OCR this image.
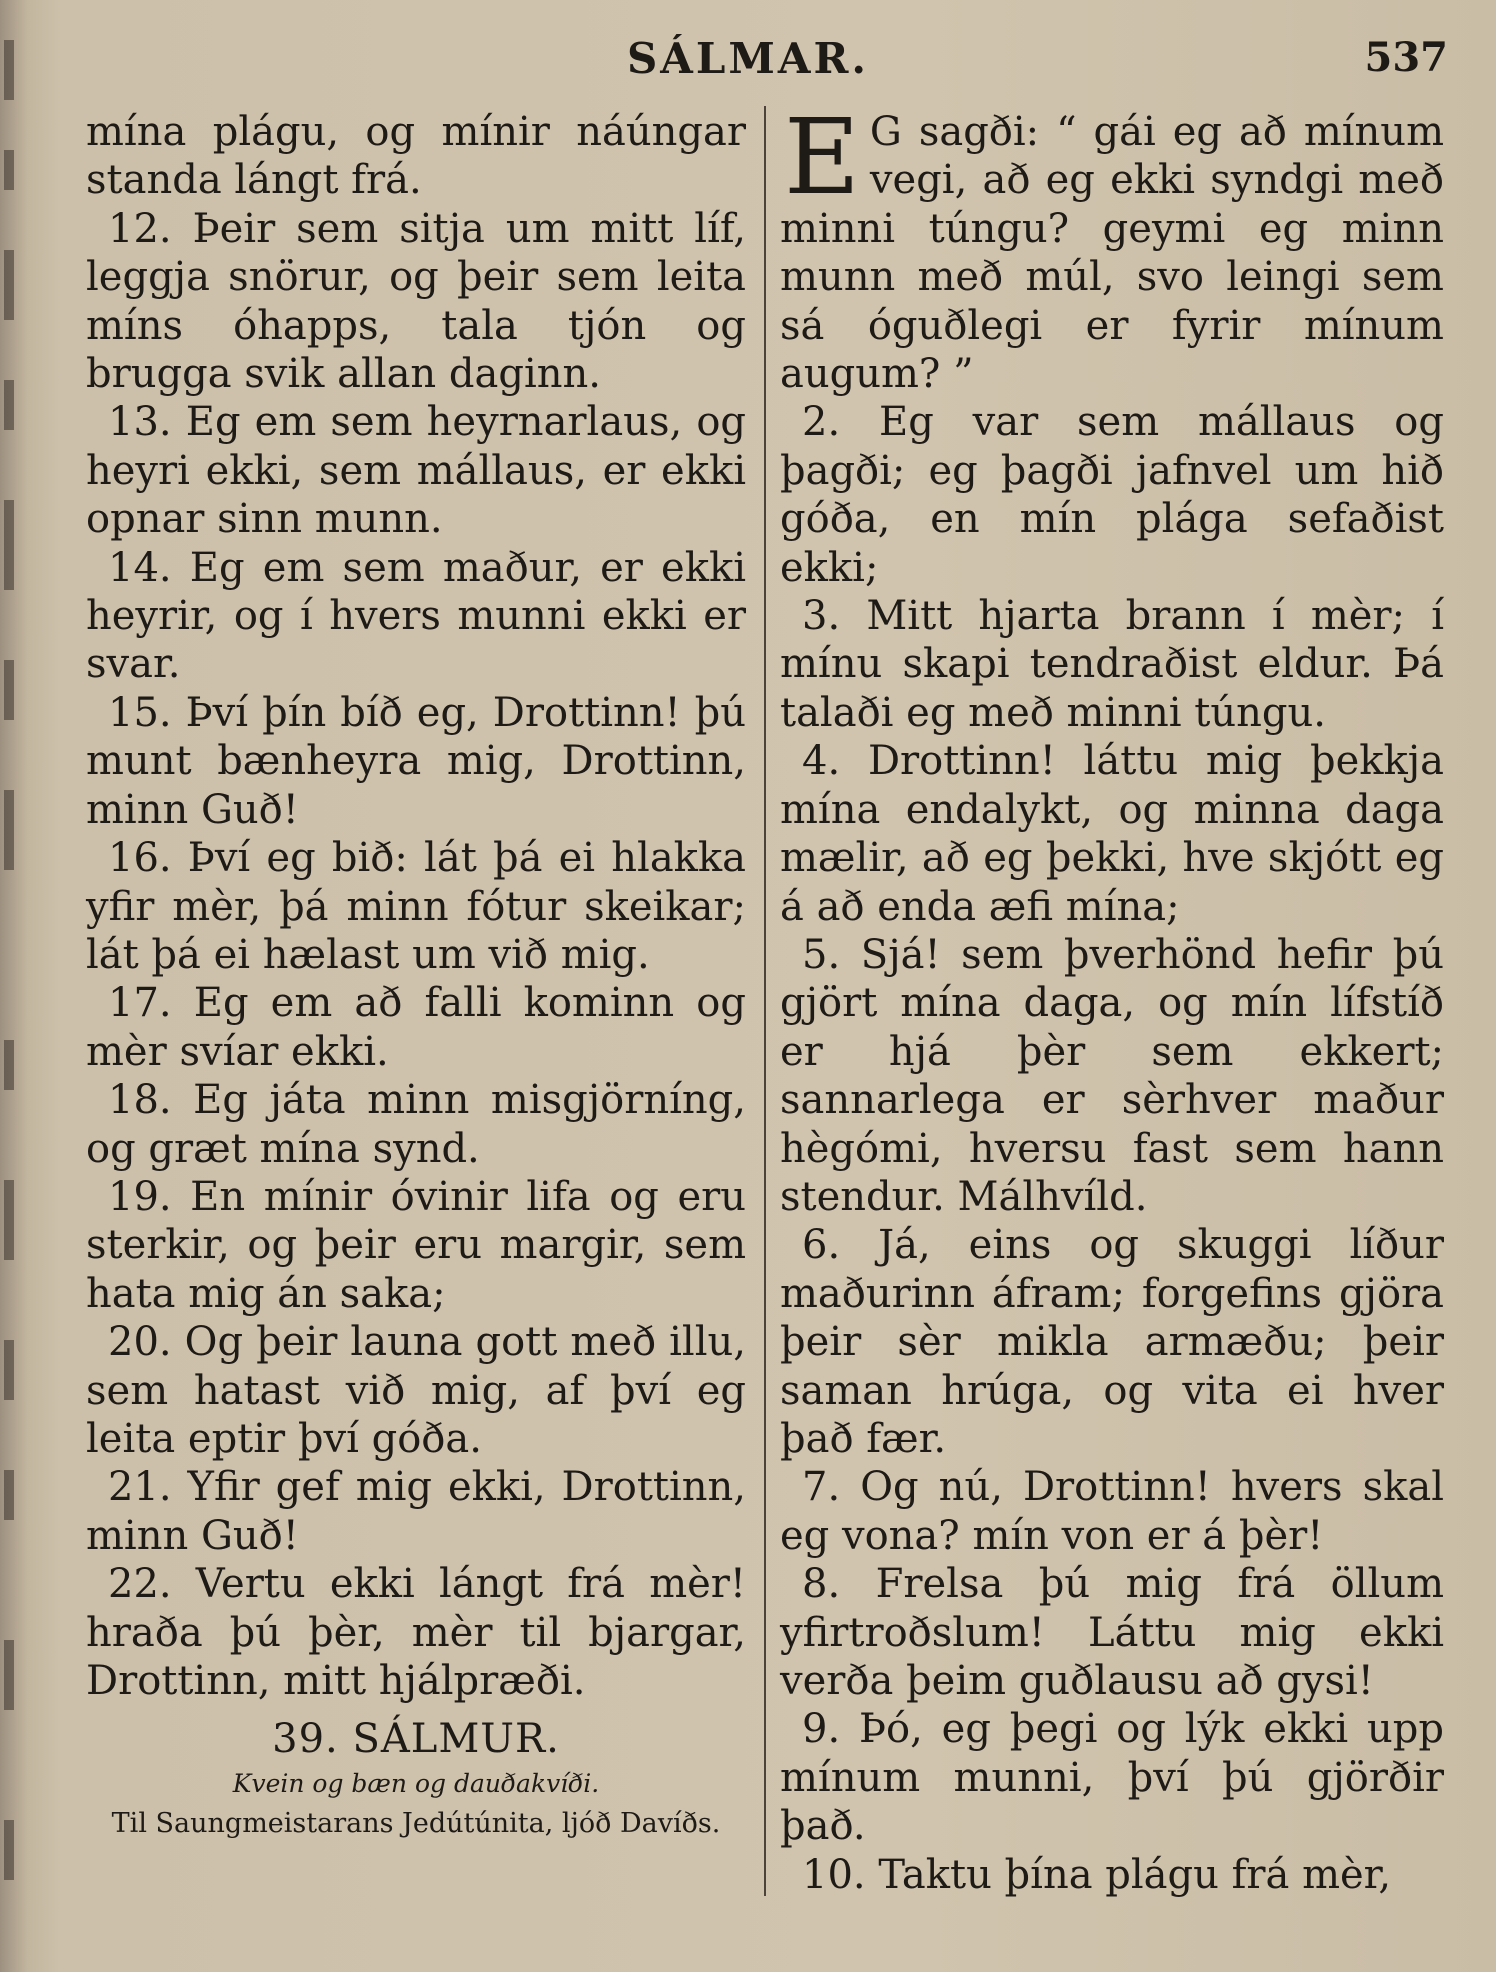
SÁLMAR.	537

mína plágu, og mínir náúngar standa lángt frá.

12. Þeir sem sitja um mitt líf, leggja snörur, og þeir sem leita míns óhapps, tala tjón og brugga svik allan daginn.

13. Eg em sem heyrnarlaus, og heyri ekki, sem mállaus, er ekki opnar sinn munn.

14. Eg em sem maður, er ekki heyrir, og í hvers munni ekki er svar.

15. Því þín bíð eg, Drottinn! þú munt bænheyra mig, Drottinn, minn Guð!

16. Því eg bið: lát þá ei hlakka yfir mèr, þá minn fótur skeikar; lát þá ei hælast um við mig.

17. Eg em að falli kominn og mèr svíar ekki.

18. Eg játa minn misgjörníng, og græt mína synd.

19. En mínir óvinir lifa og eru sterkir, og þeir eru margir, sem hata mig án saka;

20. Og þeir launa gott með illu, sem hatast við mig, af því eg leita eptir því góða.

21. Yfir gef mig ekki, Drottinn, minn Guð!

22. Vertu ekki lángt frá mèr! hraða þú þèr, mèr til bjargar, Drottinn, mitt hjálpræði.

39. SÁLMUR.
Kvein og bæn og dauðakvíði.
Til Saungmeistarans Jedútúnita, ljóð Davíðs.

E G sagði: “ gái eg að mínum vegi, að eg ekki syndgi með minni túngu? geymi eg minn munn með múl, svo leingi sem sá óguðlegi er fyrir mínum augum? ”

2. Eg var sem mállaus og þagði; eg þagði jafnvel um hið góða, en mín plága sefaðist ekki;

3. Mitt hjarta brann í mèr; í mínu skapi tendraðist eldur. Þá talaði eg með minni túngu.

4. Drottinn! láttu mig þekkja mína endalykt, og minna daga mælir, að eg þekki, hve skjótt eg á að enda æfi mína;

5. Sjá! sem þverhönd hefir þú gjört mína daga, og mín lífstíð er hjá þèr sem ekkert; sannarlega er sèrhver maður hègómi, hversu fast sem hann stendur. Málhvíld.

6. Já, eins og skuggi líður maðurinn áfram; forgefins gjöra þeir sèr mikla armæðu; þeir saman hrúga, og vita ei hver það fær.

7. Og nú, Drottinn! hvers skal eg vona? mín von er á þèr!

8. Frelsa þú mig frá öllum yfirtroðslum! Láttu mig ekki verða þeim guðlausu að gysi!

9. Þó, eg þegi og lýk ekki upp mínum munni, því þú gjörðir það.

10. Taktu þína plágu frá mèr,
